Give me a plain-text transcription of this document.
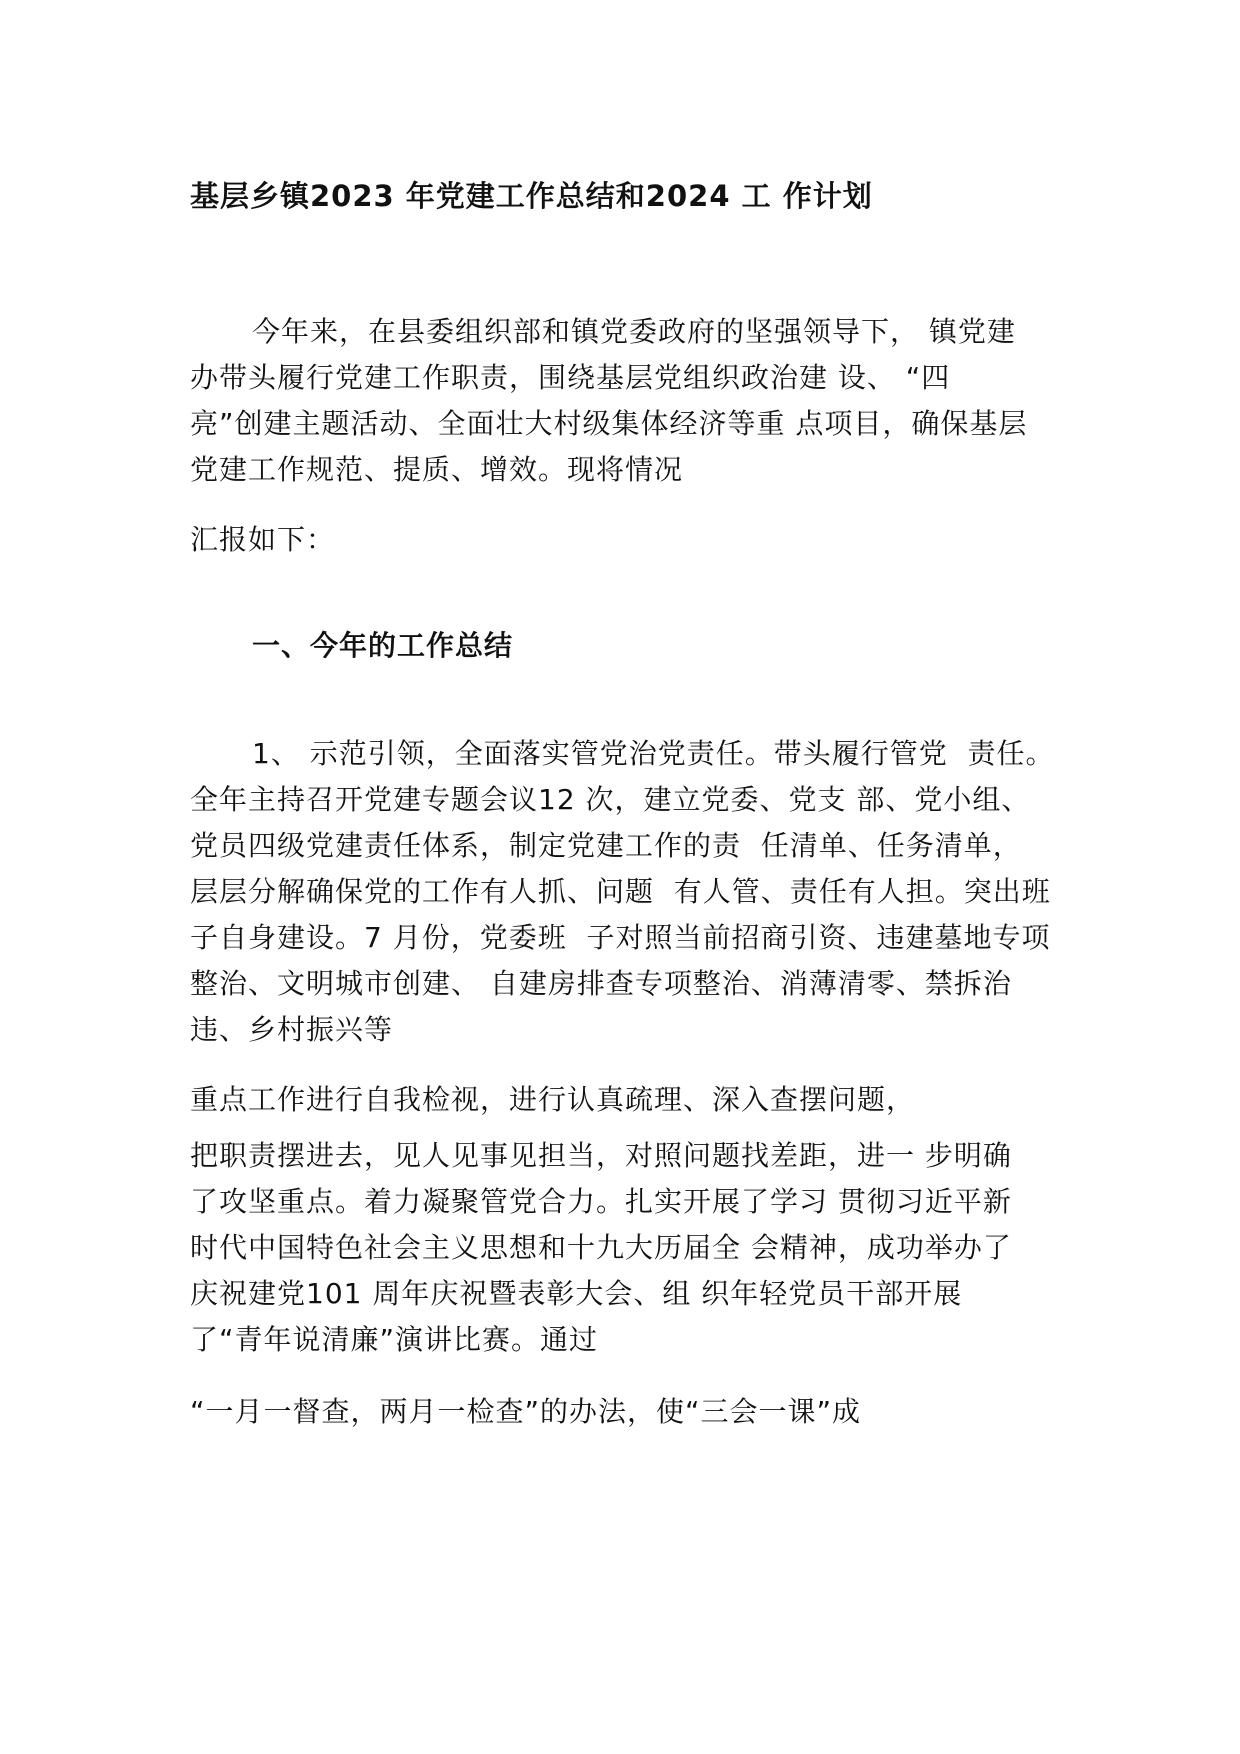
基层乡镇2023 年党建工作总结和2024 工 作计划
今年来，在县委组织部和镇党委政府的坚强领导下， 镇党建
办带头履行党建工作职责，围绕基层党组织政治建 设、 “四
亮”创建主题活动、全面壮大村级集体经济等重 点项目，确保基层
党建工作规范、提质、增效。现将情况
汇报如下：
一、今年的工作总结
1、 示范引领，全面落实管党治党责任。带头履行管党  责任。
全年主持召开党建专题会议12 次，建立党委、党支 部、党小组、
党员四级党建责任体系，制定党建工作的责  任清单、任务清单，
层层分解确保党的工作有人抓、问题  有人管、责任有人担。突出班
子自身建设。7 月份，党委班  子对照当前招商引资、违建墓地专项
整治、文明城市创建、 自建房排查专项整治、消薄清零、禁拆治
违、乡村振兴等
重点工作进行自我检视，进行认真疏理、深入查摆问题，
把职责摆进去，见人见事见担当，对照问题找差距，进一 步明确
了攻坚重点。着力凝聚管党合力。扎实开展了学习 贯彻习近平新
时代中国特色社会主义思想和十九大历届全 会精神，成功举办了
庆祝建党101 周年庆祝暨表彰大会、组 织年轻党员干部开展
了“青年说清廉”演讲比赛。通过
“一月一督查，两月一检查”的办法，使“三会一课”成
